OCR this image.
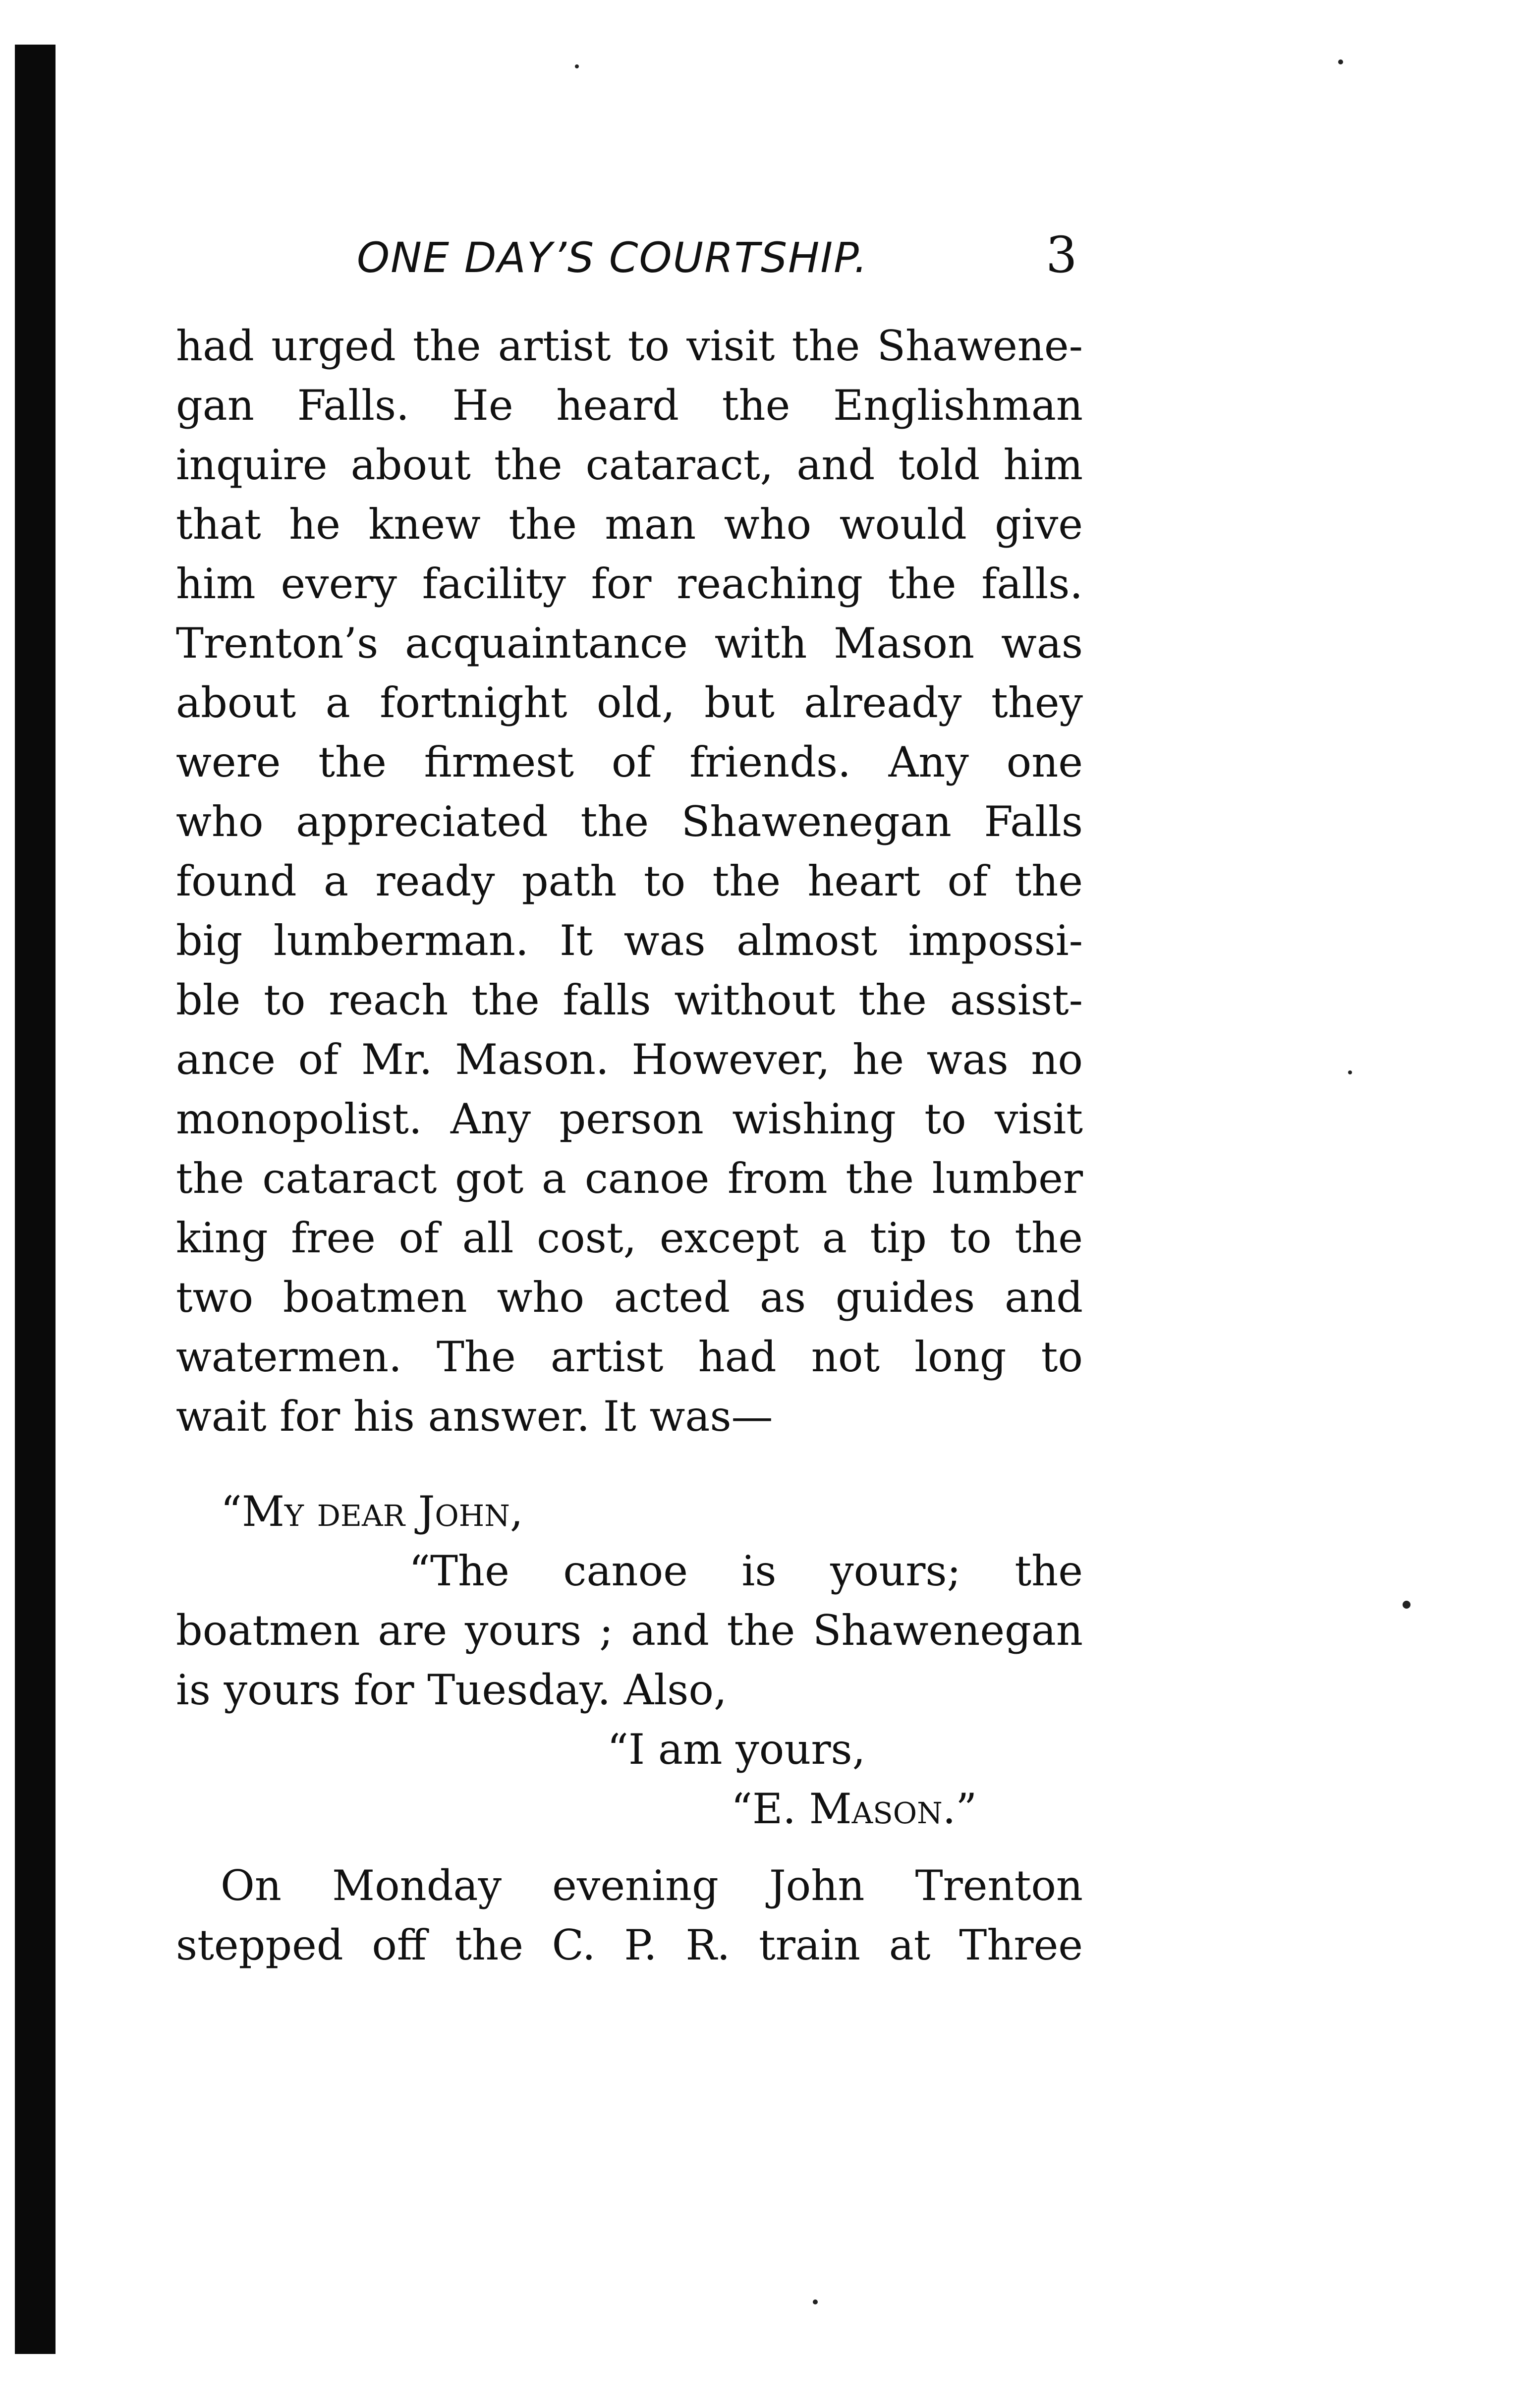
ONE DAY’S COURTSHIP.	3
had urged the artist to visit the Shawene-
gan Falls. He heard the Englishman
inquire about the cataract, and told him
that he knew the man who would give
him every facility for reaching the falls.
Trenton’s acquaintance with Mason was
about a fortnight old, but already they
were the firmest of friends. Any one
who appreciated the Shawenegan Falls
found a ready path to the heart of the
big lumberman. It was almost impossi-
ble to reach the falls without the assist-
ance of Mr. Mason. However, he was no
monopolist. Any person wishing to visit
the cataract got a canoe from the lumber
king free of all cost, except a tip to the
two boatmen who acted as guides and
watermen. The artist had not long to
wait for his answer. It was—
“My dear John,
“The canoe is yours; the
boatmen are yours ; and the Shawenegan
is yours for Tuesday. Also,
“I am yours,
“E. Mason.”
On Monday evening John Trenton
stepped off the C. P. R. train at Three
